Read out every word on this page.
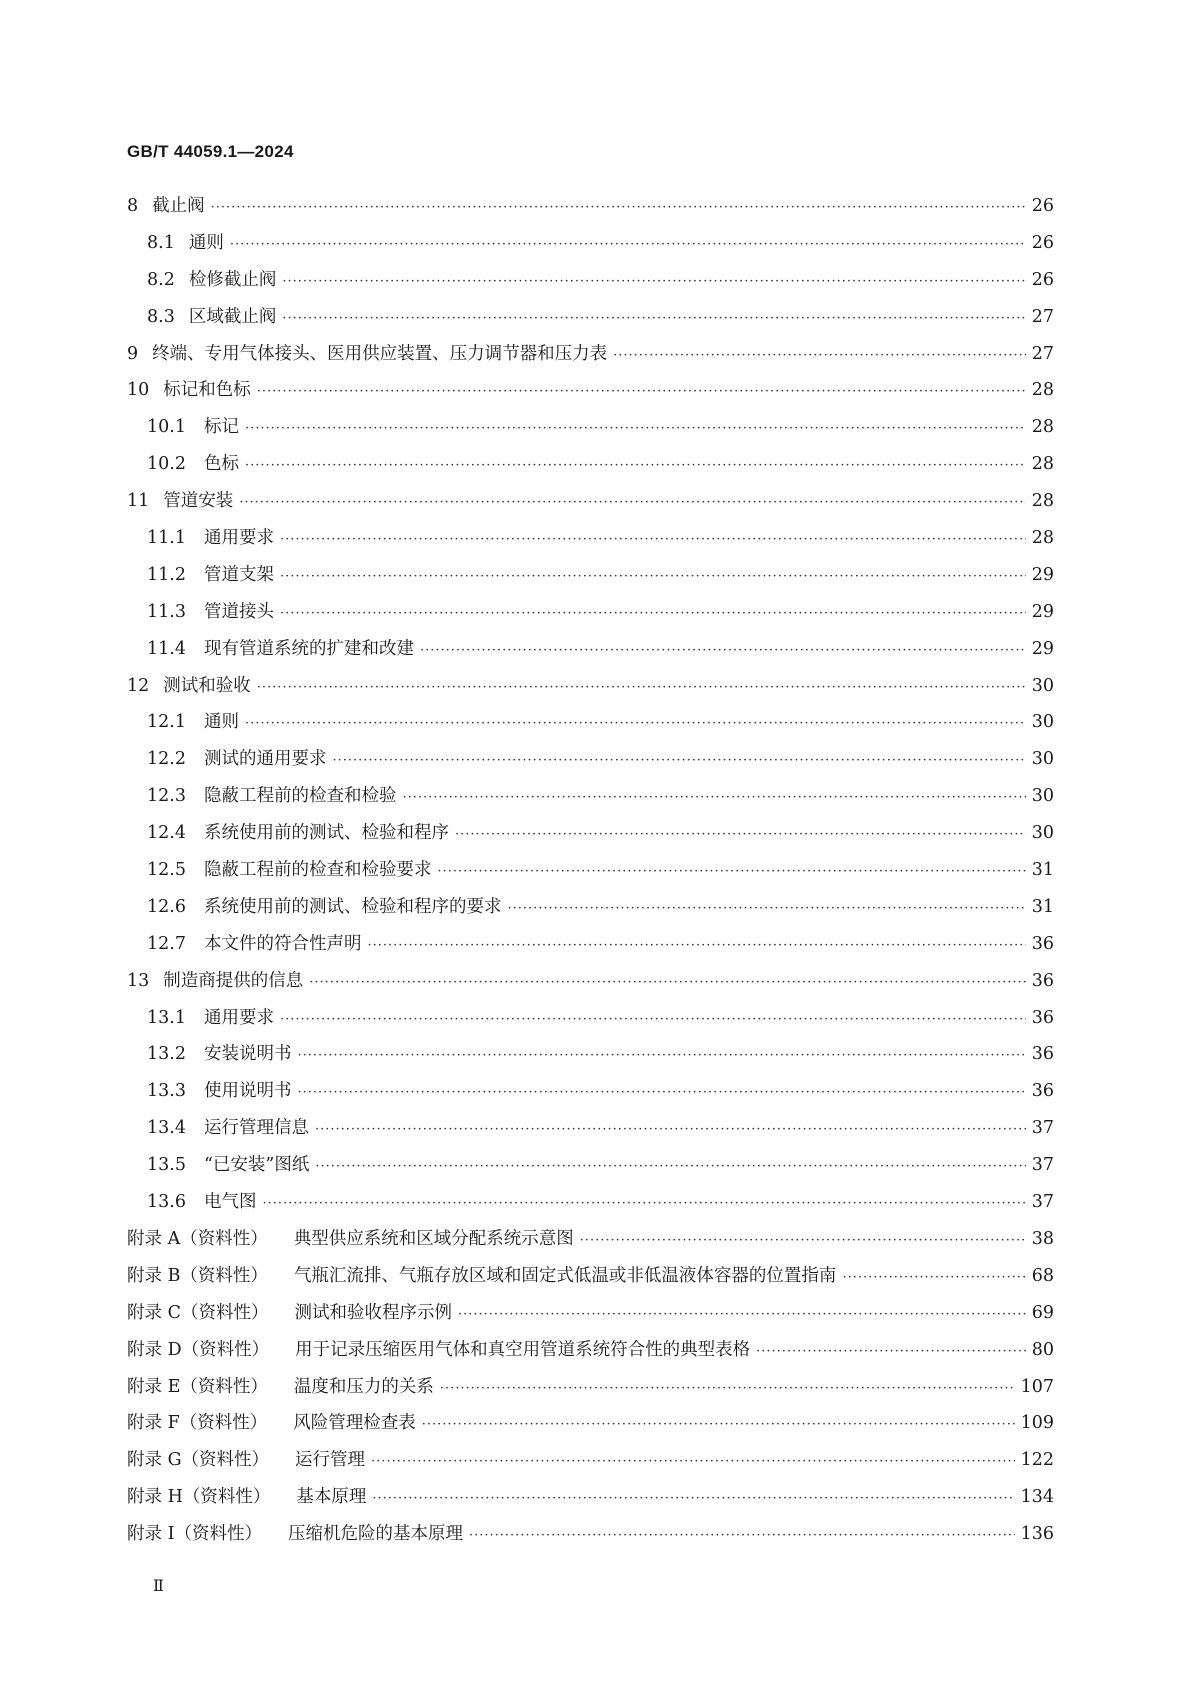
GB/T 44059.1—2024
8 截止阀 ·····	26
8.1 通则 ·····	26
8.2 检修截止阀 ·····	26
8.3 区域截止阀 ·····	27
9 终端、专用气体接头、医用供应装置、压力调节器和压力表 ·····	27
10 标记和色标 ·····	28
10.1 标记 ·····	28
10.2 色标 ·····	28
11 管道安装 ·····	28
11.1 通用要求 ·····	28
11.2 管道支架 ·····	29
11.3 管道接头 ·····	29
11.4 现有管道系统的扩建和改建 ·····	29
12 测试和验收 ·····	30
12.1 通则 ·····	30
12.2 测试的通用要求 ·····	30
12.3 隐蔽工程前的检查和检验 ·····	30
12.4 系统使用前的测试、检验和程序 ·····	30
12.5 隐蔽工程前的检查和检验要求 ·····	31
12.6 系统使用前的测试、检验和程序的要求 ·····	31
12.7 本文件的符合性声明 ·····	36
13 制造商提供的信息 ·····	36
13.1 通用要求 ·····	36
13.2 安装说明书 ·····	36
13.3 使用说明书 ·····	36
13.4 运行管理信息 ·····	37
13.5 “已安装”图纸 ·····	37
13.6 电气图 ·····	37
附录 A（资料性） 典型供应系统和区域分配系统示意图 ·····	38
附录 B（资料性） 气瓶汇流排、气瓶存放区域和固定式低温或非低温液体容器的位置指南 ·····	68
附录 C（资料性） 测试和验收程序示例 ·····	69
附录 D（资料性） 用于记录压缩医用气体和真空用管道系统符合性的典型表格 ·····	80
附录 E（资料性） 温度和压力的关系 ·····	107
附录 F（资料性） 风险管理检查表 ·····	109
附录 G（资料性） 运行管理 ·····	122
附录 H（资料性） 基本原理 ·····	134
附录 I（资料性） 压缩机危险的基本原理 ·····	136
Ⅱ
